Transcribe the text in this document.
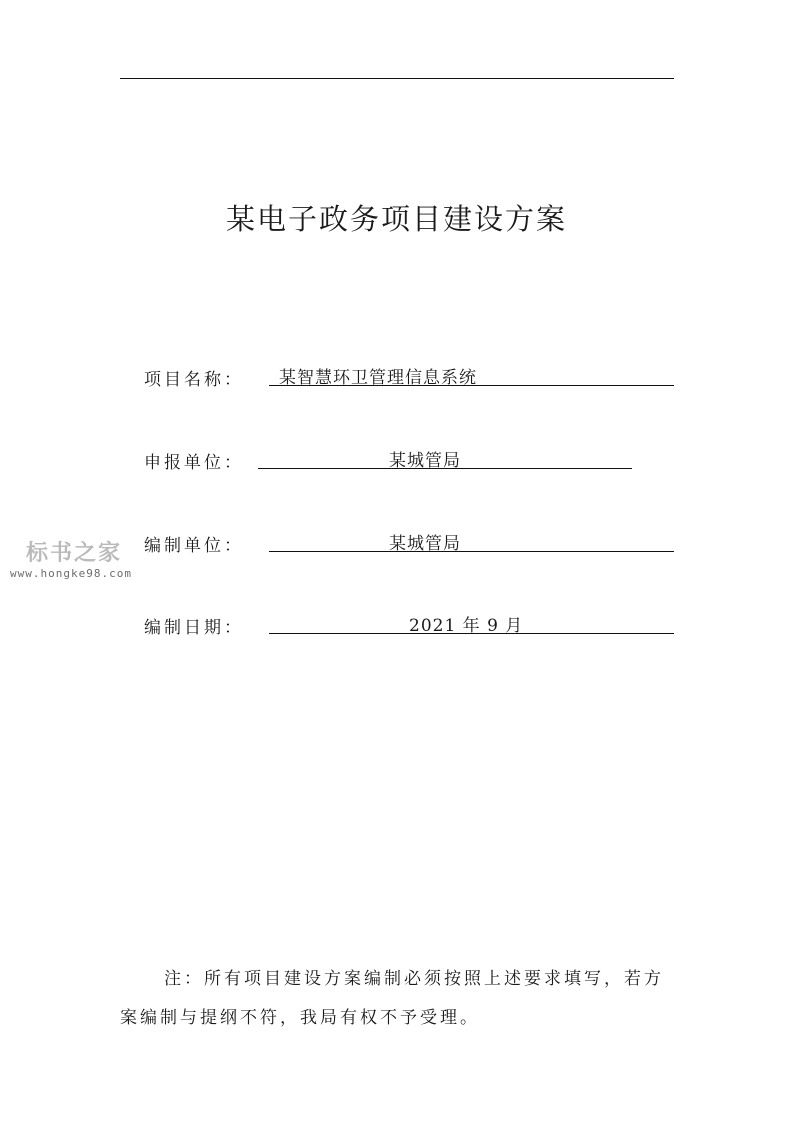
某电子政务项目建设方案
项目名称： 某智慧环卫管理信息系统
申报单位：	某城管局
编制单位：	某城管局
编制日期：	2021 年 9 月
标书之家
www.hongke98.com

注：所有项目建设方案编制必须按照上述要求填写，若方案编制与提纲不符，我局有权不予受理。
